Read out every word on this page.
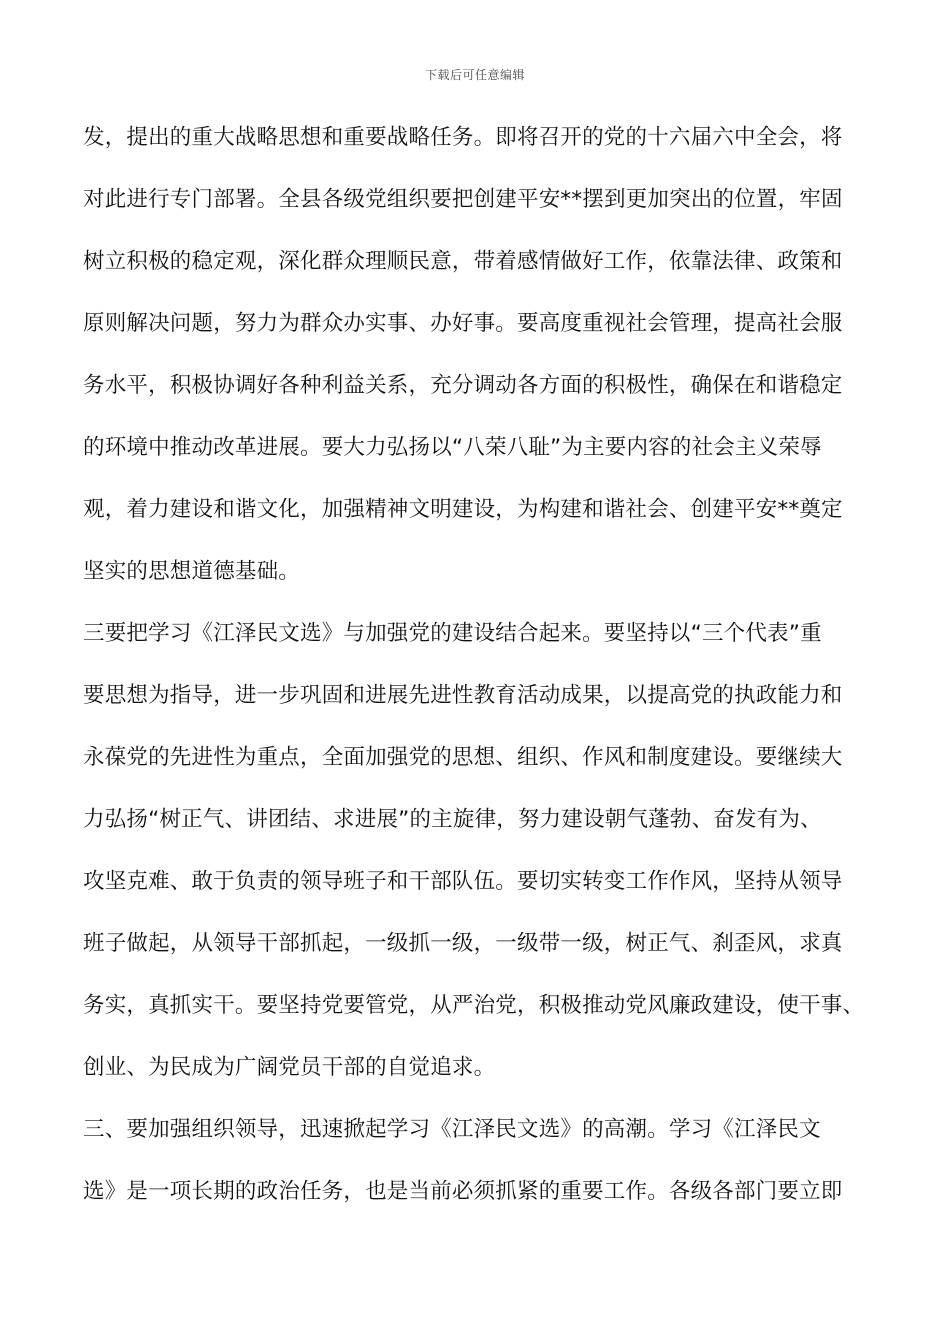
下载后可任意编辑
发，提出的重大战略思想和重要战略任务。即将召开的党的十六届六中全会，将
对此进行专门部署。全县各级党组织要把创建平安**摆到更加突出的位置，牢固
树立积极的稳定观，深化群众理顺民意，带着感情做好工作，依靠法律、政策和
原则解决问题，努力为群众办实事、办好事。要高度重视社会管理，提高社会服
务水平，积极协调好各种利益关系，充分调动各方面的积极性，确保在和谐稳定
的环境中推动改革进展。要大力弘扬以“八荣八耻”为主要内容的社会主义荣辱
观，着力建设和谐文化，加强精神文明建设，为构建和谐社会、创建平安**奠定
坚实的思想道德基础。
三要把学习《江泽民文选》与加强党的建设结合起来。要坚持以“三个代表”重
要思想为指导，进一步巩固和进展先进性教育活动成果，以提高党的执政能力和
永葆党的先进性为重点，全面加强党的思想、组织、作风和制度建设。要继续大
力弘扬“树正气、讲团结、求进展”的主旋律，努力建设朝气蓬勃、奋发有为、
攻坚克难、敢于负责的领导班子和干部队伍。要切实转变工作作风，坚持从领导
班子做起，从领导干部抓起，一级抓一级，一级带一级，树正气、刹歪风，求真
务实，真抓实干。要坚持党要管党，从严治党，积极推动党风廉政建设，使干事、
创业、为民成为广阔党员干部的自觉追求。
三、要加强组织领导，迅速掀起学习《江泽民文选》的高潮。学习《江泽民文
选》是一项长期的政治任务，也是当前必须抓紧的重要工作。各级各部门要立即
